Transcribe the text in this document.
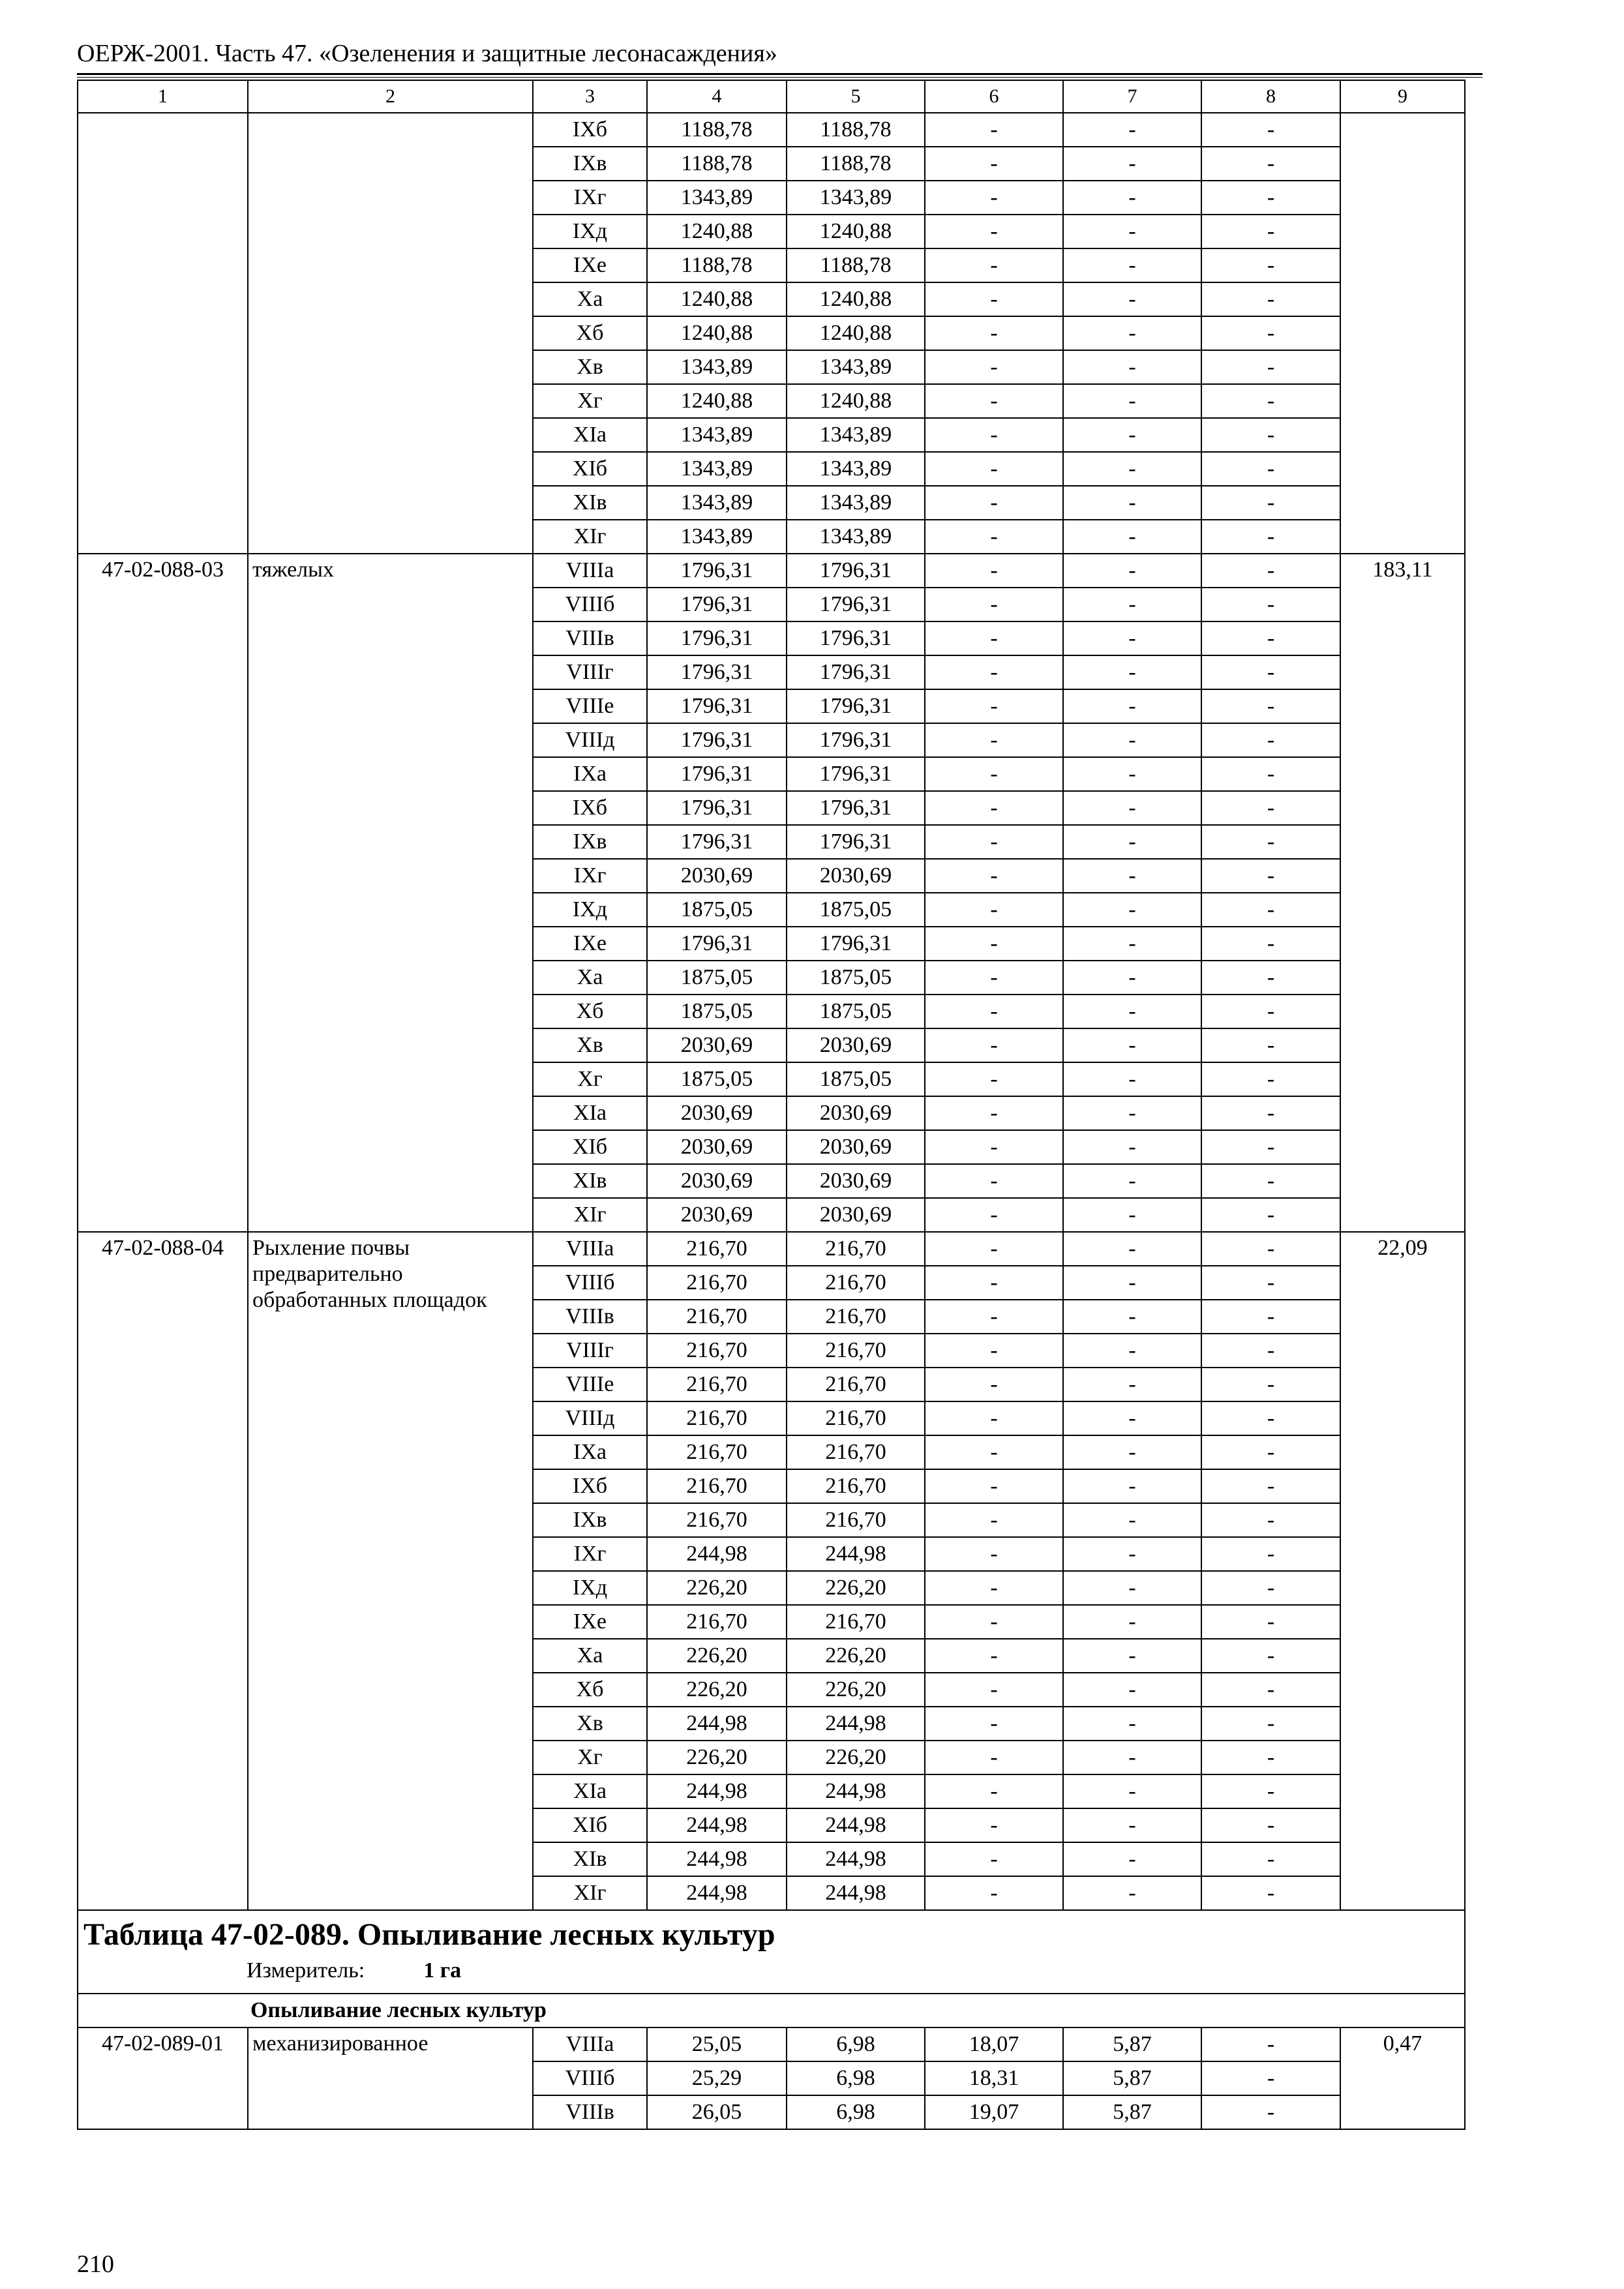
ОЕРЖ-2001. Часть 47. «Озеленения и защитные лесонасаждения»
1	2	3	4	5	6	7	8	9
		IXб	1188,78	1188,78	-	-	-	
		IXв	1188,78	1188,78	-	-	-	
		IXг	1343,89	1343,89	-	-	-	
		IXд	1240,88	1240,88	-	-	-	
		IXе	1188,78	1188,78	-	-	-	
		Xа	1240,88	1240,88	-	-	-	
		Xб	1240,88	1240,88	-	-	-	
		Xв	1343,89	1343,89	-	-	-	
		Xг	1240,88	1240,88	-	-	-	
		XIа	1343,89	1343,89	-	-	-	
		XIб	1343,89	1343,89	-	-	-	
		XIв	1343,89	1343,89	-	-	-	
		XIг	1343,89	1343,89	-	-	-	
47-02-088-03	тяжелых	VIIIа	1796,31	1796,31	-	-	-	183,11
		VIIIб	1796,31	1796,31	-	-	-	
		VIIIв	1796,31	1796,31	-	-	-	
		VIIIг	1796,31	1796,31	-	-	-	
		VIIIе	1796,31	1796,31	-	-	-	
		VIIIд	1796,31	1796,31	-	-	-	
		IXа	1796,31	1796,31	-	-	-	
		IXб	1796,31	1796,31	-	-	-	
		IXв	1796,31	1796,31	-	-	-	
		IXг	2030,69	2030,69	-	-	-	
		IXд	1875,05	1875,05	-	-	-	
		IXе	1796,31	1796,31	-	-	-	
		Xа	1875,05	1875,05	-	-	-	
		Xб	1875,05	1875,05	-	-	-	
		Xв	2030,69	2030,69	-	-	-	
		Xг	1875,05	1875,05	-	-	-	
		XIа	2030,69	2030,69	-	-	-	
		XIб	2030,69	2030,69	-	-	-	
		XIв	2030,69	2030,69	-	-	-	
		XIг	2030,69	2030,69	-	-	-	
47-02-088-04	Рыхление почвы предварительно обработанных площадок	VIIIа	216,70	216,70	-	-	-	22,09
		VIIIб	216,70	216,70	-	-	-	
		VIIIв	216,70	216,70	-	-	-	
		VIIIг	216,70	216,70	-	-	-	
		VIIIе	216,70	216,70	-	-	-	
		VIIIд	216,70	216,70	-	-	-	
		IXа	216,70	216,70	-	-	-	
		IXб	216,70	216,70	-	-	-	
		IXв	216,70	216,70	-	-	-	
		IXг	244,98	244,98	-	-	-	
		IXд	226,20	226,20	-	-	-	
		IXе	216,70	216,70	-	-	-	
		Xа	226,20	226,20	-	-	-	
		Xб	226,20	226,20	-	-	-	
		Xв	244,98	244,98	-	-	-	
		Xг	226,20	226,20	-	-	-	
		XIа	244,98	244,98	-	-	-	
		XIб	244,98	244,98	-	-	-	
		XIв	244,98	244,98	-	-	-	
		XIг	244,98	244,98	-	-	-	

Таблица 47-02-089. Опыливание лесных культур
Измеритель: 1 га								

Опыливание лесных культур								
47-02-089-01	механизированное	VIIIа	25,05	6,98	18,07	5,87	-	0,47
		VIIIб	25,29	6,98	18,31	5,87	-	
		VIIIв	26,05	6,98	19,07	5,87	-	
210
